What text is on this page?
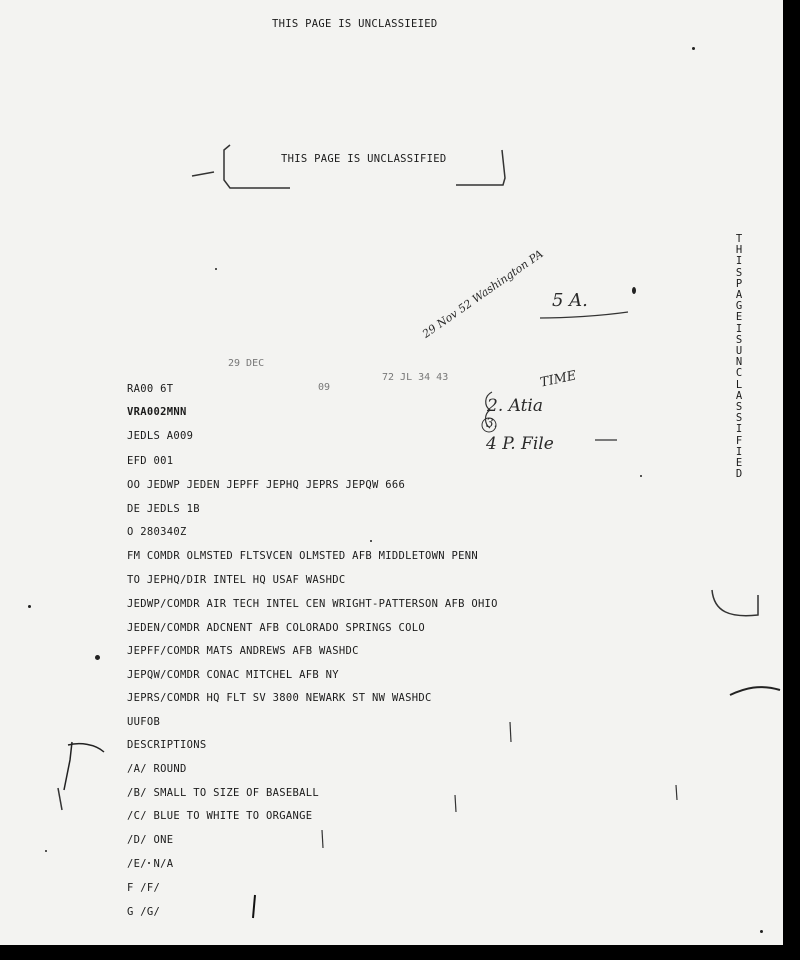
THIS PAGE IS UNCLASSIEIED
THIS PAGE IS UNCLASSIFIED
THIS PAGE IS UNCLASSIFIED
29 DEC
09
72 JL 34 43
29 Nov 52 Washington PA 5 A.
TIME
2. Atia
3.
4 P. File
RA00 6T
VRA002MNN
JEDLS A009
EFD 001
OO JEDWP JEDEN JEPFF JEPHQ JEPRS JEPQW 666
DE JEDLS 1B
O 280340Z
FM COMDR OLMSTED FLTSVCEN OLMSTED AFB MIDDLETOWN PENN
TO JEPHQ/DIR INTEL HQ USAF WASHDC
JEDWP/COMDR AIR TECH INTEL CEN WRIGHT-PATTERSON AFB OHIO
JEDEN/COMDR ADCNENT AFB COLORADO SPRINGS COLO
JEPFF/COMDR MATS ANDREWS AFB WASHDC
JEPQW/COMDR CONAC MITCHEL AFB NY
JEPRS/COMDR HQ FLT SV 3800 NEWARK ST NW WASHDC
UUFOB
DESCRIPTIONS
/A/ ROUND
/B/ SMALL TO SIZE OF BASEBALL
/C/ BLUE TO WHITE TO ORGANGE
/D/ ONE
/E/ N/A
F /F/
G /G/
